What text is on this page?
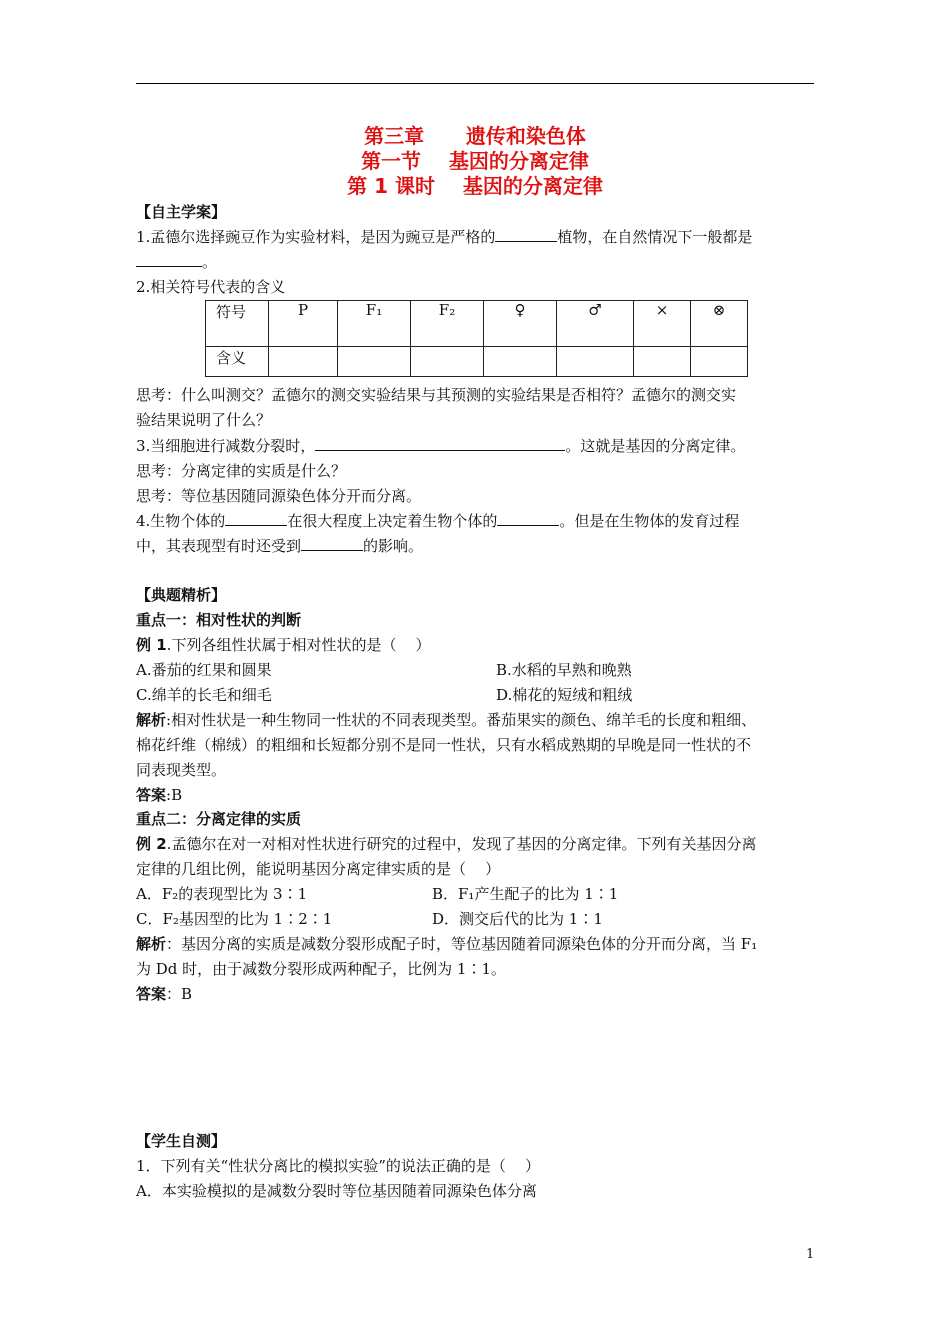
第三章      遗传和染色体
第一节    基因的分离定律
第 1 课时    基因的分离定律
【自主学案】
1.孟德尔选择豌豆作为实验材料，是因为豌豆是严格的	植物，在自然情况下一般都是
。
2.相关符号代表的含义
符号	P	F₁	F₂	♀	♂	×	⊗
含义							
思考：什么叫测交？孟德尔的测交实验结果与其预测的实验结果是否相符？孟德尔的测交实
验结果说明了什么？
3.当细胞进行减数分裂时，	。这就是基因的分离定律。
思考：分离定律的实质是什么？
思考：等位基因随同源染色体分开而分离。
4.生物个体的	在很大程度上决定着生物个体的	。但是在生物体的发育过程
中，其表现型有时还受到	的影响。
【典题精析】
重点一：相对性状的判断
例 1.下列各组性状属于相对性状的是（    ）
A.番茄的红果和圆果	B.水稻的早熟和晚熟
C.绵羊的长毛和细毛	D.棉花的短绒和粗绒
解析:相对性状是一种生物同一性状的不同表现类型。番茄果实的颜色、绵羊毛的长度和粗细、
棉花纤维（棉绒）的粗细和长短都分别不是同一性状，只有水稻成熟期的早晚是同一性状的不
同表现类型。
答案:B
重点二：分离定律的实质
例 2.孟德尔在对一对相对性状进行研究的过程中，发现了基因的分离定律。下列有关基因分离
定律的几组比例，能说明基因分离定律实质的是（    ）
A．F₂的表现型比为 3∶1	B．F₁产生配子的比为 1∶1
C．F₂基因型的比为 1∶2∶1	D．测交后代的比为 1∶1
解析：基因分离的实质是减数分裂形成配子时，等位基因随着同源染色体的分开而分离，当 F₁
为 Dd 时，由于减数分裂形成两种配子，比例为 1∶1。
答案：B
【学生自测】
1．下列有关“性状分离比的模拟实验”的说法正确的是（    ）
A．本实验模拟的是减数分裂时等位基因随着同源染色体分离
1
